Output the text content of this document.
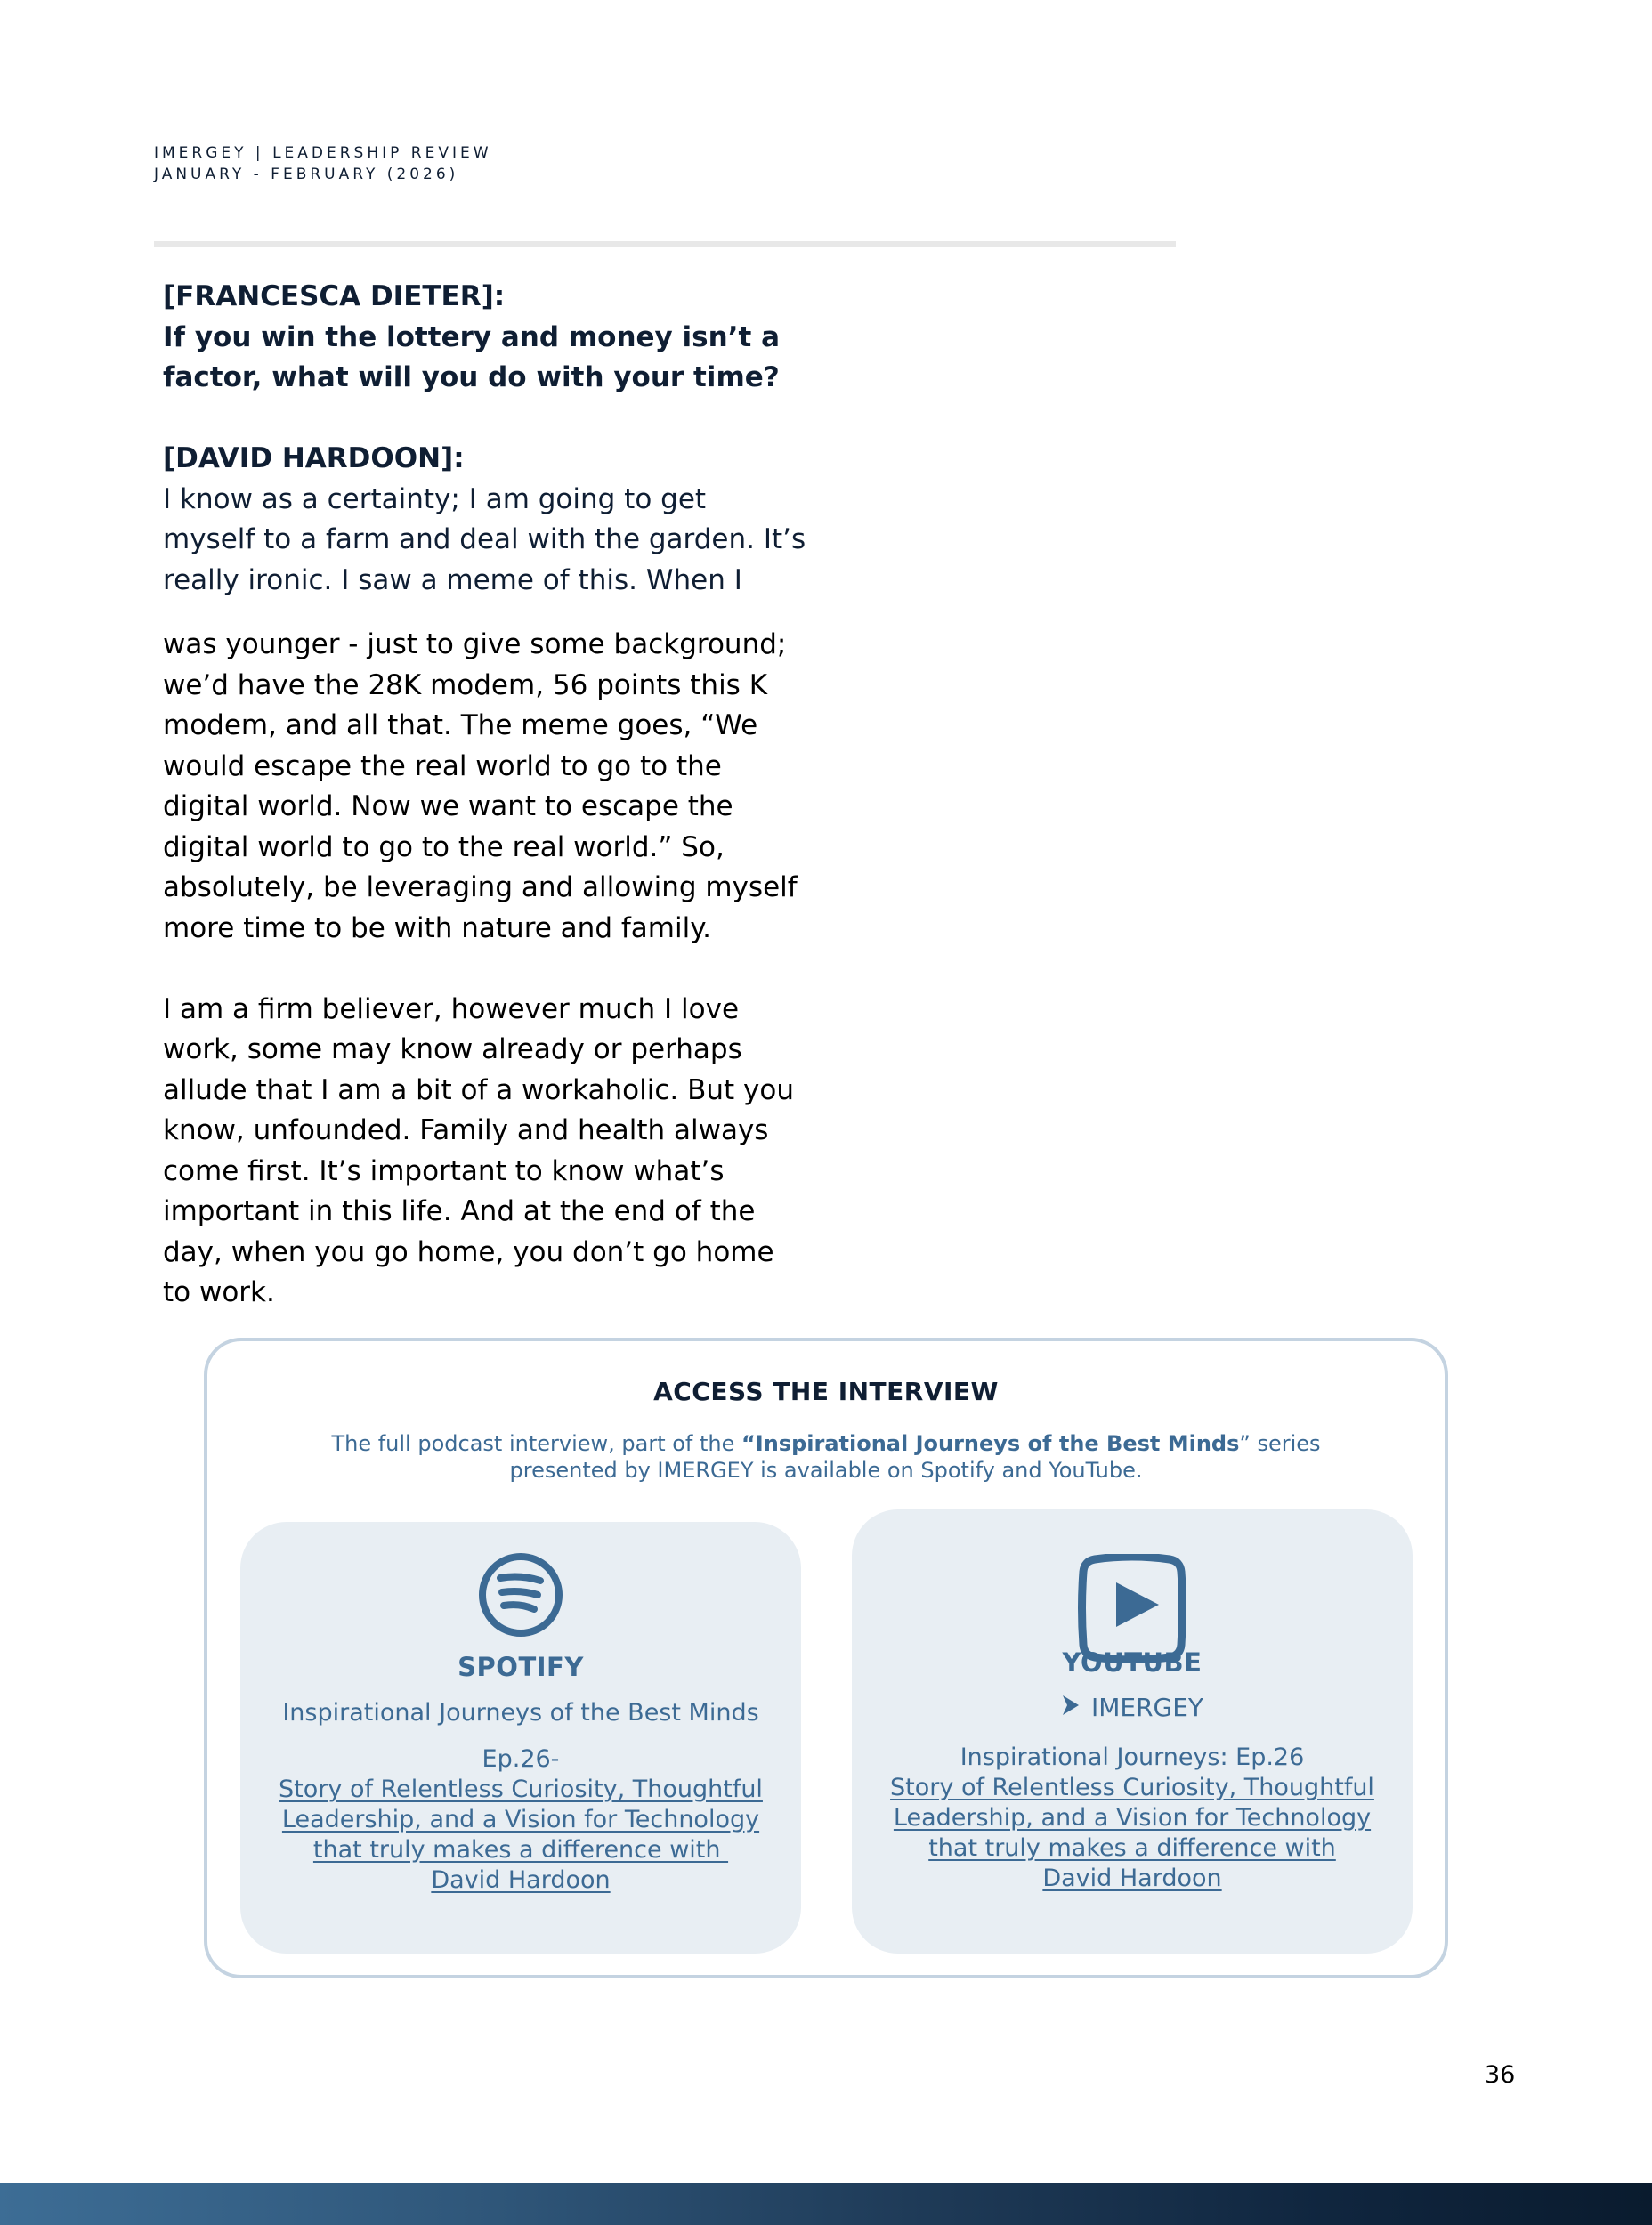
IMERGEY | LEADERSHIP REVIEW
JANUARY - FEBRUARY (2026)
[FRANCESCA DIETER]:
If you win the lottery and money isn’t a
factor, what will you do with your time?
[DAVID HARDOON]:
I know as a certainty; I am going to get
myself to a farm and deal with the garden. It’s
really ironic. I saw a meme of this. When I
was younger - just to give some background;
we’d have the 28K modem, 56 points this K
modem, and all that. The meme goes, “We
would escape the real world to go to the
digital world. Now we want to escape the
digital world to go to the real world.” So,
absolutely, be leveraging and allowing myself
more time to be with nature and family.
I am a firm believer, however much I love
work, some may know already or perhaps
allude that I am a bit of a workaholic. But you
know, unfounded. Family and health always
come first. It’s important to know what’s
important in this life. And at the end of the
day, when you go home, you don’t go home
to work.
ACCESS THE INTERVIEW
The full podcast interview, part of the “Inspirational Journeys of the Best Minds” series
presented by IMERGEY is available on Spotify and YouTube.
SPOTIFY
Inspirational Journeys of the Best Minds
Ep.26-
Story of Relentless Curiosity, Thoughtful
Leadership, and a Vision for Technology
that truly makes a difference with
David Hardoon
YOUTUBE
IMERGEY
Inspirational Journeys: Ep.26
Story of Relentless Curiosity, Thoughtful
Leadership, and a Vision for Technology
that truly makes a difference with
David Hardoon
36
